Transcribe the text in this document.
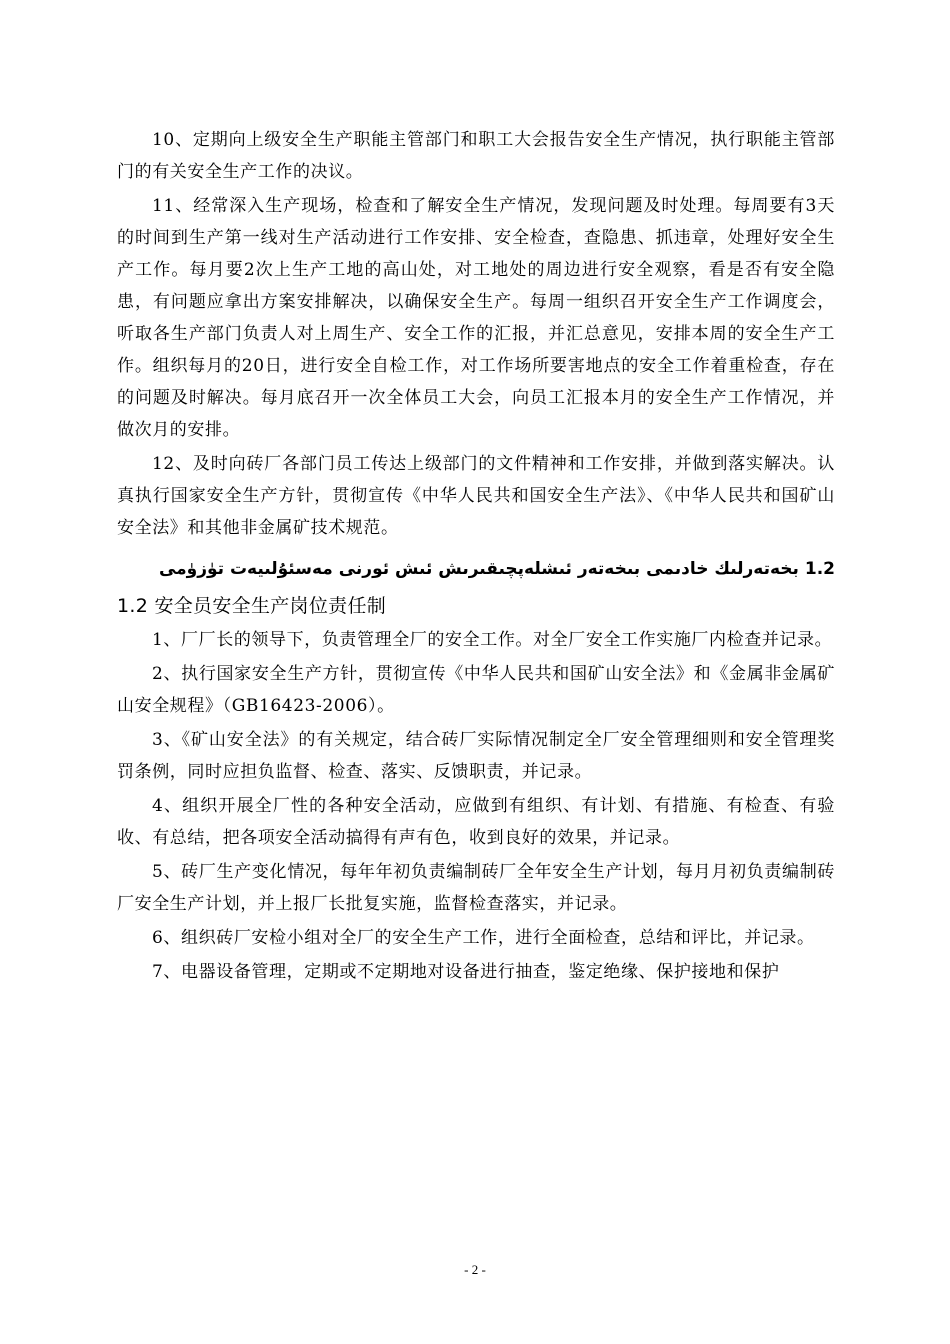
10、定期向上级安全生产职能主管部门和职工大会报告安全生产情况，执行职能主管部门的有关安全生产工作的决议。

11、经常深入生产现场，检查和了解安全生产情况，发现问题及时处理。每周要有3天的时间到生产第一线对生产活动进行工作安排、安全检查，查隐患、抓违章，处理好安全生产工作。每月要2次上生产工地的高山处，对工地处的周边进行安全观察，看是否有安全隐患，有问题应拿出方案安排解决，以确保安全生产。每周一组织召开安全生产工作调度会，听取各生产部门负责人对上周生产、安全工作的汇报，并汇总意见，安排本周的安全生产工作。组织每月的20日，进行安全自检工作，对工作场所要害地点的安全工作着重检查，存在的问题及时解决。每月底召开一次全体员工大会，向员工汇报本月的安全生产工作情况，并做次月的安排。

12、及时向砖厂各部门员工传达上级部门的文件精神和工作安排，并做到落实解决。认真执行国家安全生产方针，贯彻宣传《中华人民共和国安全生产法》、《中华人民共和国矿山安全法》和其他非金属矿技术规范。

1.2 بخەتەرلىك خادىمى بىخەتەر ئىشلەپچىقىرىش ئىش ئورنى مەسئۇلىيەت تۈزۈمى

1.2 安全员安全生产岗位责任制

1、厂厂长的领导下，负责管理全厂的安全工作。对全厂安全工作实施厂内检查并记录。

2、执行国家安全生产方针，贯彻宣传《中华人民共和国矿山安全法》和《金属非金属矿山安全规程》（GB16423-2006）。

3、《矿山安全法》的有关规定，结合砖厂实际情况制定全厂安全管理细则和安全管理奖罚条例，同时应担负监督、检查、落实、反馈职责，并记录。

4、组织开展全厂性的各种安全活动，应做到有组织、有计划、有措施、有检查、有验收、有总结，把各项安全活动搞得有声有色，收到良好的效果，并记录。

5、砖厂生产变化情况，每年年初负责编制砖厂全年安全生产计划，每月月初负责编制砖厂安全生产计划，并上报厂长批复实施，监督检查落实，并记录。

6、组织砖厂安检小组对全厂的安全生产工作，进行全面检查，总结和评比，并记录。

7、电器设备管理，定期或不定期地对设备进行抽查，鉴定绝缘、保护接地和保护

- 2 -
